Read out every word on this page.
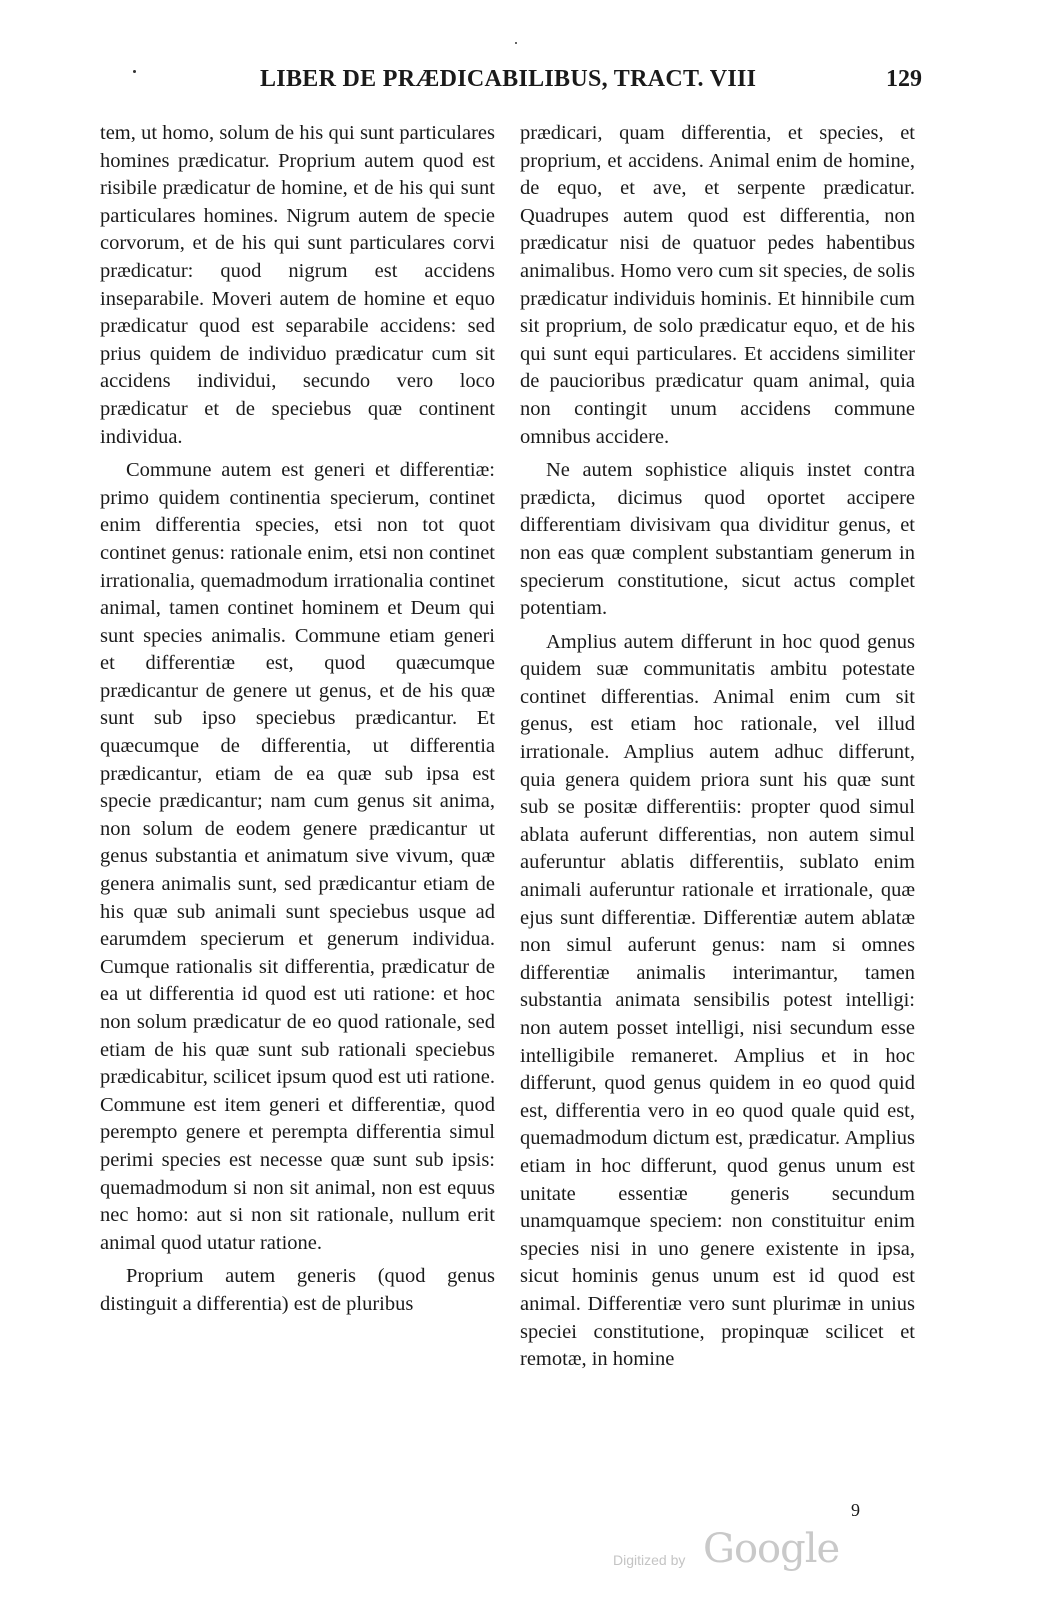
LIBER DE PRÆDICABILIBUS, TRACT. VIII	129

tem, ut homo, solum de his qui sunt particulares homines prædicatur. Proprium autem quod est risibile prædicatur de homine, et de his qui sunt particulares homines. Nigrum autem de specie corvorum, et de his qui sunt particulares corvi prædicatur: quod nigrum est accidens inseparabile. Moveri autem de homine et equo prædicatur quod est separabile accidens: sed prius quidem de individuo prædicatur cum sit accidens individui, secundo vero loco prædicatur et de speciebus quæ continent individua.

Commune autem est generi et differentiæ: primo quidem continentia specierum, continet enim differentia species, etsi non tot quot continet genus: rationale enim, etsi non continet irrationalia, quemadmodum irrationalia continet animal, tamen continet hominem et Deum qui sunt species animalis. Commune etiam generi et differentiæ est, quod quæcumque prædicantur de genere ut genus, et de his quæ sunt sub ipso speciebus prædicantur. Et quæcumque de differentia, ut differentia prædicantur, etiam de ea quæ sub ipsa est specie prædicantur; nam cum genus sit anima, non solum de eodem genere prædicantur ut genus substantia et animatum sive vivum, quæ genera animalis sunt, sed prædicantur etiam de his quæ sub animali sunt speciebus usque ad earumdem specierum et generum individua. Cumque rationalis sit differentia, prædicatur de ea ut differentia id quod est uti ratione: et hoc non solum prædicatur de eo quod rationale, sed etiam de his quæ sunt sub rationali speciebus prædicabitur, scilicet ipsum quod est uti ratione. Commune est item generi et differentiæ, quod perempto genere et perempta differentia simul perimi species est necesse quæ sunt sub ipsis: quemadmodum si non sit animal, non est equus nec homo: aut si non sit rationale, nullum erit animal quod utatur ratione.

Proprium autem generis (quod genus distinguit a differentia) est de pluribus

prædicari, quam differentia, et species, et proprium, et accidens. Animal enim de homine, de equo, et ave, et serpente prædicatur. Quadrupes autem quod est differentia, non prædicatur nisi de quatuor pedes habentibus animalibus. Homo vero cum sit species, de solis prædicatur individuis hominis. Et hinnibile cum sit proprium, de solo prædicatur equo, et de his qui sunt equi particulares. Et accidens similiter de paucioribus prædicatur quam animal, quia non contingit unum accidens commune omnibus accidere.

Ne autem sophistice aliquis instet contra prædicta, dicimus quod oportet accipere differentiam divisivam qua dividitur genus, et non eas quæ complent substantiam generum in specierum constitutione, sicut actus complet potentiam.

Amplius autem differunt in hoc quod genus quidem suæ communitatis ambitu potestate continet differentias. Animal enim cum sit genus, est etiam hoc rationale, vel illud irrationale. Amplius autem adhuc differunt, quia genera quidem priora sunt his quæ sunt sub se positæ differentiis: propter quod simul ablata auferunt differentias, non autem simul auferuntur ablatis differentiis, sublato enim animali auferuntur rationale et irrationale, quæ ejus sunt differentiæ. Differentiæ autem ablatæ non simul auferunt genus: nam si omnes differentiæ animalis interimantur, tamen substantia animata sensibilis potest intelligi: non autem posset intelligi, nisi secundum esse intelligibile remaneret. Amplius et in hoc differunt, quod genus quidem in eo quod quid est, differentia vero in eo quod quale quid est, quemadmodum dictum est, prædicatur. Amplius etiam in hoc differunt, quod genus unum est unitate essentiæ generis secundum unamquamque speciem: non constituitur enim species nisi in uno genere existente in ipsa, sicut hominis genus unum est id quod est animal. Differentiæ vero sunt plurimæ in unius speciei constitutione, propinquæ scilicet et remotæ, in homine

9
Digitized by Google
